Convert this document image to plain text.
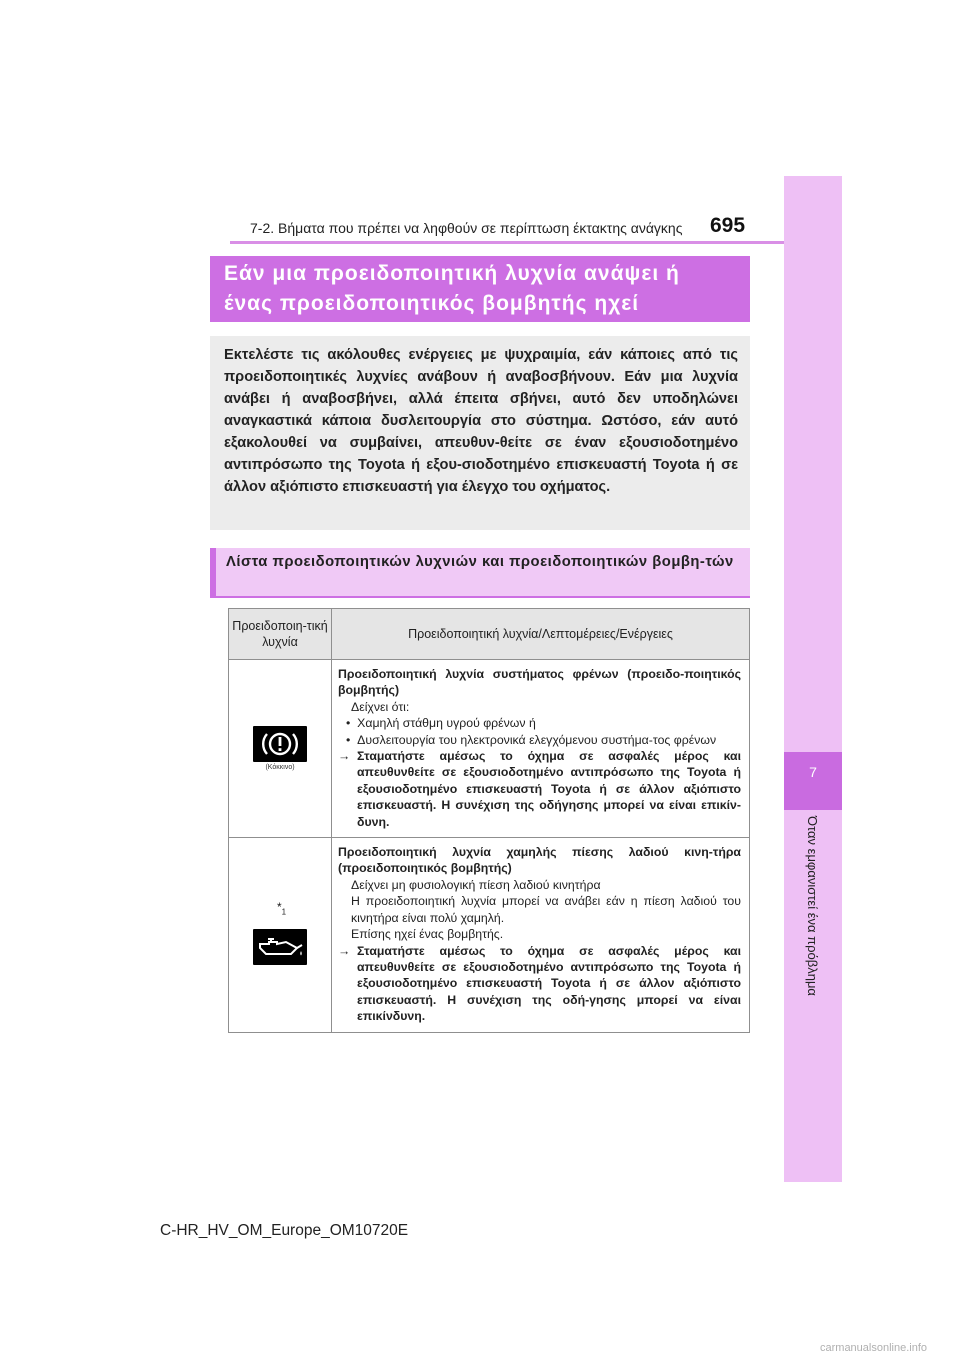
7-2. Βήματα που πρέπει να ληφθούν σε περίπτωση έκτακτης ανάγκης 695
7
Όταν εμφανιστεί ένα πρόβλημα
Εάν μια προειδοποιητική λυχνία ανάψει ή
ένας προειδοποιητικός βομβητής ηχεί
Εκτελέστε τις ακόλουθες ενέργειες με ψυχραιμία, εάν κάποιες από τις προειδοποιητικές λυχνίες ανάβουν ή αναβοσβήνουν. Εάν μια λυχνία ανάβει ή αναβοσβήνει, αλλά έπειτα σβήνει, αυτό δεν υποδηλώνει αναγκαστικά κάποια δυσλειτουργία στο σύστημα. Ωστόσο, εάν αυτό εξακολουθεί να συμβαίνει, απευθυν-θείτε σε έναν εξουσιοδοτημένο αντιπρόσωπο της Toyota ή εξου-σιοδοτημένο επισκευαστή Toyota ή σε άλλον αξιόπιστο επισκευαστή για έλεγχο του οχήματος.
Λίστα προειδοποιητικών λυχνιών και προειδοποιητικών βομβη-τών
Προειδοποιη-τική λυχνία	Προειδοποιητική λυχνία/Λεπτομέρειες/Ενέργειες

(Κόκκινο)	Προειδοποιητική λυχνία συστήματος φρένων (προειδο-ποιητικός βομβητής)
Δείχνει ότι:
• Χαμηλή στάθμη υγρού φρένων ή
• Δυσλειτουργία του ηλεκτρονικά ελεγχόμενου συστήμα-τος φρένων
→ Σταματήστε αμέσως το όχημα σε ασφαλές μέρος και απευθυνθείτε σε εξουσιοδοτημένο αντιπρόσωπο της Toyota ή εξουσιοδοτημένο επισκευαστή Toyota ή σε άλλον αξιόπιστο επισκευαστή. Η συνέχιση της οδήγησης μπορεί να είναι επικίν-δυνη.

$*_1$	Προειδοποιητική λυχνία χαμηλής πίεσης λαδιού κινη-τήρα (προειδοποιητικός βομβητής)
Δείχνει μη φυσιολογική πίεση λαδιού κινητήρα
Η προειδοποιητική λυχνία μπορεί να ανάβει εάν η πίεση λαδιού του κινητήρα είναι πολύ χαμηλή.
Επίσης ηχεί ένας βομβητής.
→ Σταματήστε αμέσως το όχημα σε ασφαλές μέρος και απευθυνθείτε σε εξουσιοδοτημένο αντιπρόσωπο της Toyota ή εξουσιοδοτημένο επισκευαστή Toyota ή σε άλλον αξιόπιστο επισκευαστή. Η συνέχιση της οδή-γησης μπορεί να είναι επικίνδυνη.
C-HR_HV_OM_Europe_OM10720E
carmanualsonline.info
